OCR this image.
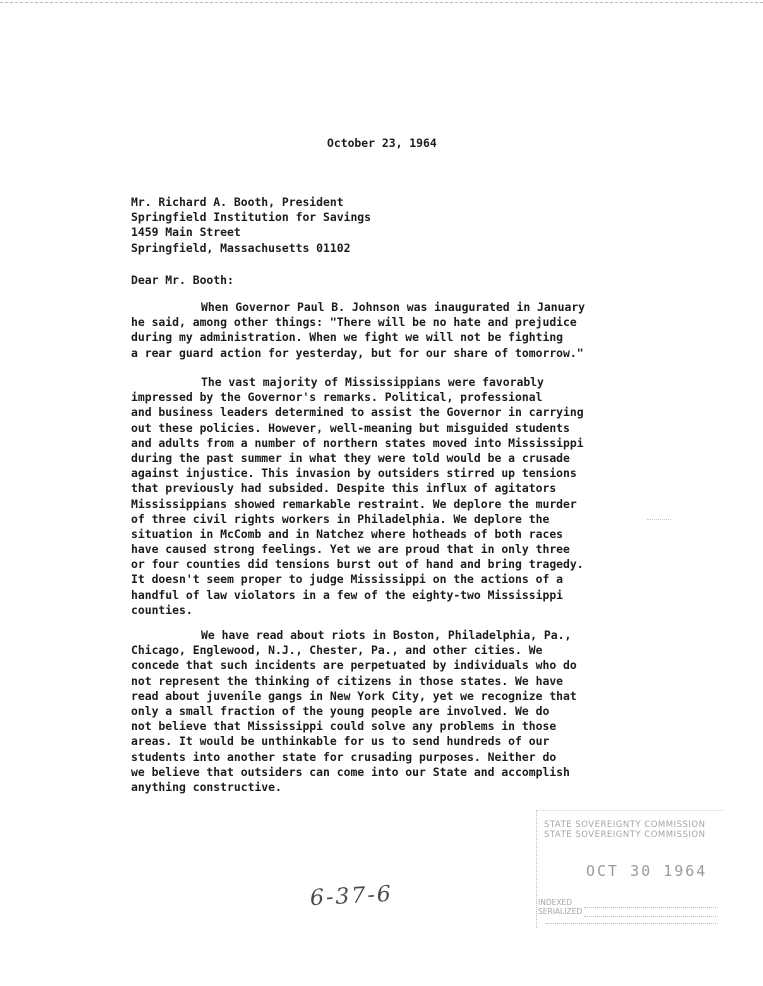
October 23, 1964
Mr. Richard A. Booth, President
Springfield Institution for Savings
1459 Main Street
Springfield, Massachusetts 01102
Dear Mr. Booth:
When Governor Paul B. Johnson was inaugurated in January
he said, among other things: "There will be no hate and prejudice
during my administration. When we fight we will not be fighting
a rear guard action for yesterday, but for our share of tomorrow."
The vast majority of Mississippians were favorably
impressed by the Governor's remarks. Political, professional
and business leaders determined to assist the Governor in carrying
out these policies. However, well-meaning but misguided students
and adults from a number of northern states moved into Mississippi
during the past summer in what they were told would be a crusade
against injustice. This invasion by outsiders stirred up tensions
that previously had subsided. Despite this influx of agitators
Mississippians showed remarkable restraint. We deplore the murder
of three civil rights workers in Philadelphia. We deplore the
situation in McComb and in Natchez where hotheads of both races
have caused strong feelings. Yet we are proud that in only three
or four counties did tensions burst out of hand and bring tragedy.
It doesn't seem proper to judge Mississippi on the actions of a
handful of law violators in a few of the eighty-two Mississippi
counties.
We have read about riots in Boston, Philadelphia, Pa.,
Chicago, Englewood, N.J., Chester, Pa., and other cities. We
concede that such incidents are perpetuated by individuals who do
not represent the thinking of citizens in those states. We have
read about juvenile gangs in New York City, yet we recognize that
only a small fraction of the young people are involved. We do
not believe that Mississippi could solve any problems in those
areas. It would be unthinkable for us to send hundreds of our
students into another state for crusading purposes. Neither do
we believe that outsiders can come into our State and accomplish
anything constructive.
6-37-6
STATE SOVEREIGNTY COMMISSION
STATE SOVEREIGNTY COMMISSION
OCT 30 1964
INDEXED
SERIALIZED
